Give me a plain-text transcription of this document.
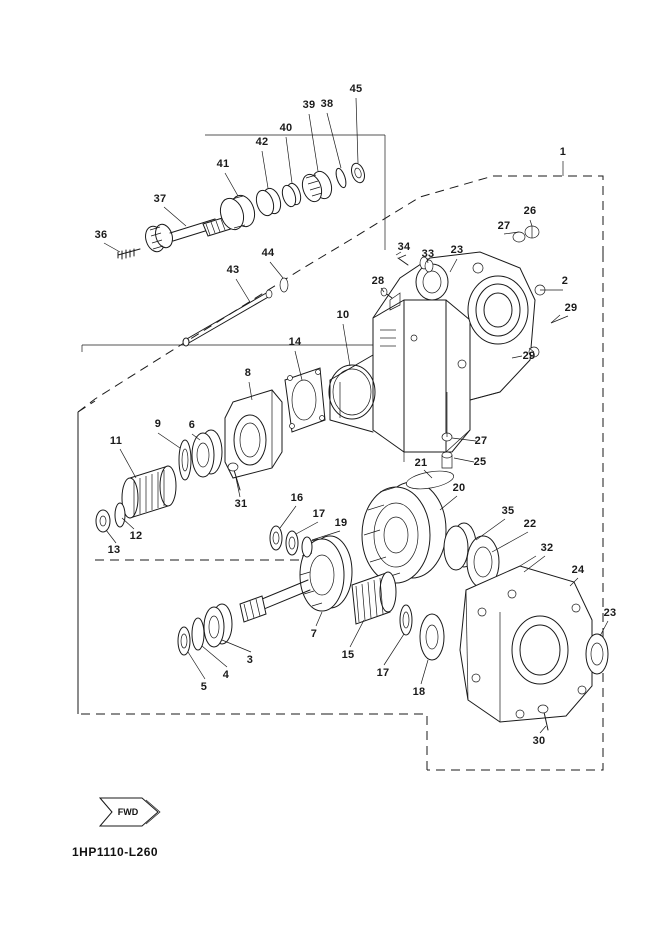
45
39 38
40
42
41
1
37
26
27
36
23
33
34
2
43
44
28
29
10
29
14
8
6
9
11	27
25
21
31
12
13
16
17
19
20
35
22
32
24
23
7
15
17
18
3
4
5
30
FWD
1HP1110-L260
